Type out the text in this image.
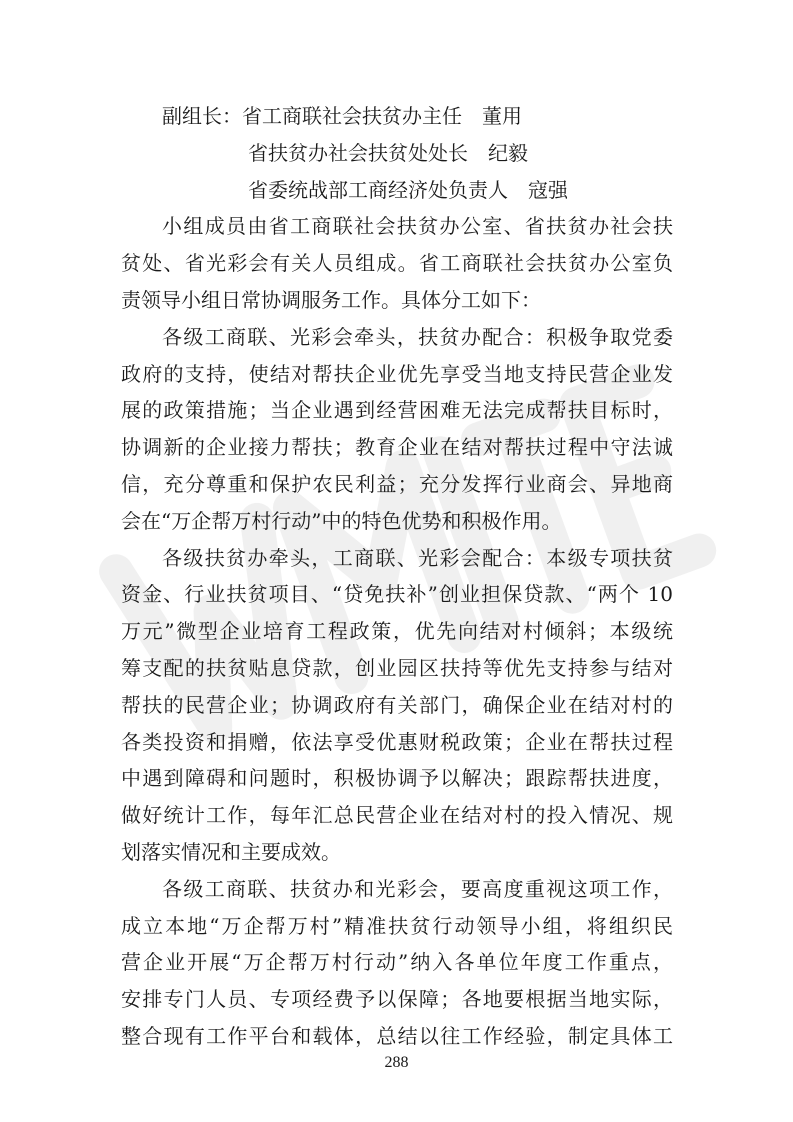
副组长：省工商联社会扶贫办主任　董用
省扶贫办社会扶贫处处长　纪毅
省委统战部工商经济处负责人　寇强
小组成员由省工商联社会扶贫办公室、省扶贫办社会扶
贫处、省光彩会有关人员组成。省工商联社会扶贫办公室负
责领导小组日常协调服务工作。具体分工如下：
各级工商联、光彩会牵头，扶贫办配合：积极争取党委
政府的支持，使结对帮扶企业优先享受当地支持民营企业发
展的政策措施；当企业遇到经营困难无法完成帮扶目标时，
协调新的企业接力帮扶；教育企业在结对帮扶过程中守法诚
信，充分尊重和保护农民利益；充分发挥行业商会、异地商
会在“万企帮万村行动”中的特色优势和积极作用。
各级扶贫办牵头，工商联、光彩会配合：本级专项扶贫
资金、行业扶贫项目、“贷免扶补”创业担保贷款、“两个 10
万元”微型企业培育工程政策，优先向结对村倾斜；本级统
筹支配的扶贫贴息贷款，创业园区扶持等优先支持参与结对
帮扶的民营企业；协调政府有关部门，确保企业在结对村的
各类投资和捐赠，依法享受优惠财税政策；企业在帮扶过程
中遇到障碍和问题时，积极协调予以解决；跟踪帮扶进度，
做好统计工作，每年汇总民营企业在结对村的投入情况、规
划落实情况和主要成效。
各级工商联、扶贫办和光彩会，要高度重视这项工作，
成立本地“万企帮万村”精准扶贫行动领导小组，将组织民
营企业开展“万企帮万村行动”纳入各单位年度工作重点，
安排专门人员、专项经费予以保障；各地要根据当地实际，
整合现有工作平台和载体，总结以往工作经验，制定具体工
288
